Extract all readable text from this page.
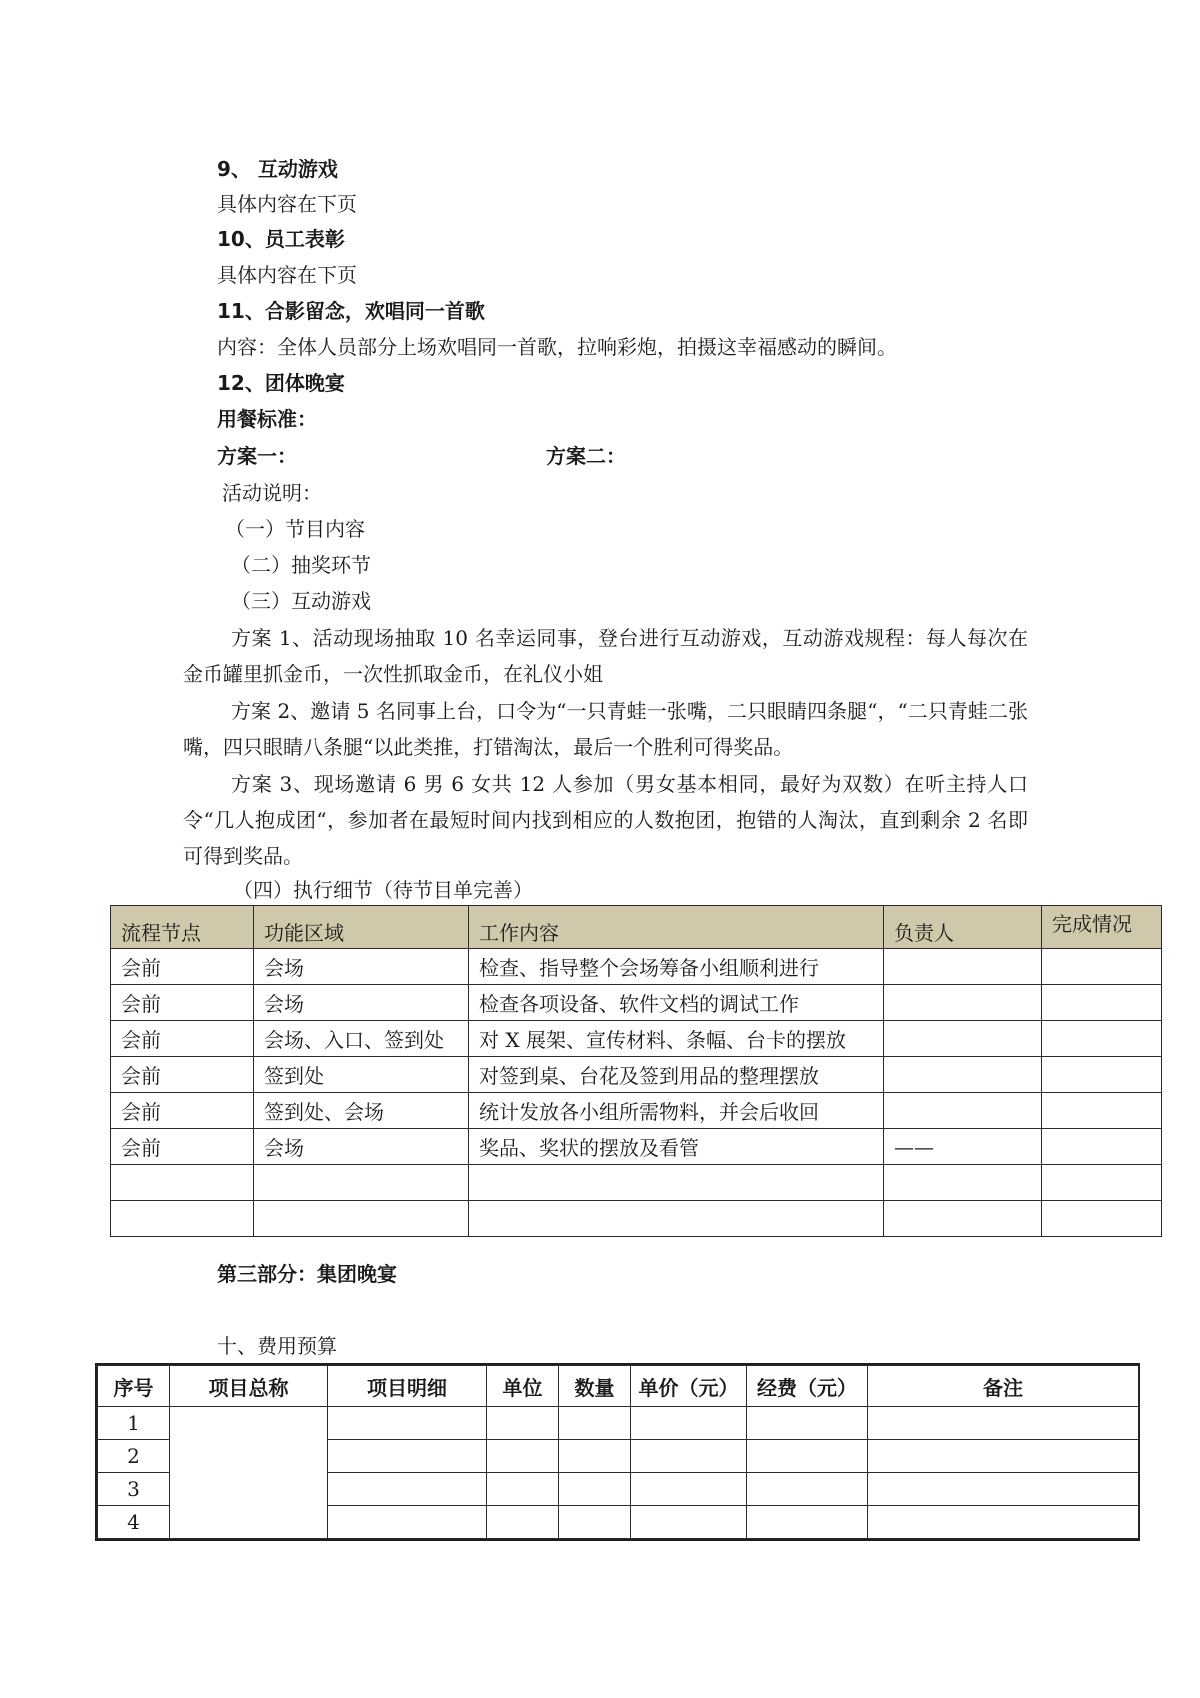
9、 互动游戏
具体内容在下页
10、员工表彰
具体内容在下页
11、合影留念，欢唱同一首歌
内容：全体人员部分上场欢唱同一首歌，拉响彩炮，拍摄这幸福感动的瞬间。
12、团体晚宴
用餐标准：
方案一：	方案二：
活动说明：
（一）节目内容
（二）抽奖环节
（三）互动游戏
方案 1、活动现场抽取 10 名幸运同事，登台进行互动游戏，互动游戏规程：每人每次在金币罐里抓金币，一次性抓取金币，在礼仪小姐
方案 2、邀请 5 名同事上台，口令为“一只青蛙一张嘴，二只眼睛四条腿“，“二只青蛙二张嘴，四只眼睛八条腿“以此类推，打错淘汰，最后一个胜利可得奖品。
方案 3、现场邀请 6 男 6 女共 12 人参加（男女基本相同，最好为双数）在听主持人口令“几人抱成团“，参加者在最短时间内找到相应的人数抱团，抱错的人淘汰，直到剩余 2 名即可得到奖品。
（四）执行细节（待节目单完善）
流程节点	功能区域	工作内容	负责人	完成情况
会前	会场	检查、指导整个会场筹备小组顺利进行		
会前	会场	检查各项设备、软件文档的调试工作		
会前	会场、入口、签到处	对 X 展架、宣传材料、条幅、台卡的摆放		
会前	签到处	对签到桌、台花及签到用品的整理摆放		
会前	签到处、会场	统计发放各小组所需物料，并会后收回		
会前	会场	奖品、奖状的摆放及看管	——	

第三部分：集团晚宴
十、费用预算
序号	项目总称	项目明细	单位	数量	单价（元）	经费（元）	备注
1							
2							
3							
4							
